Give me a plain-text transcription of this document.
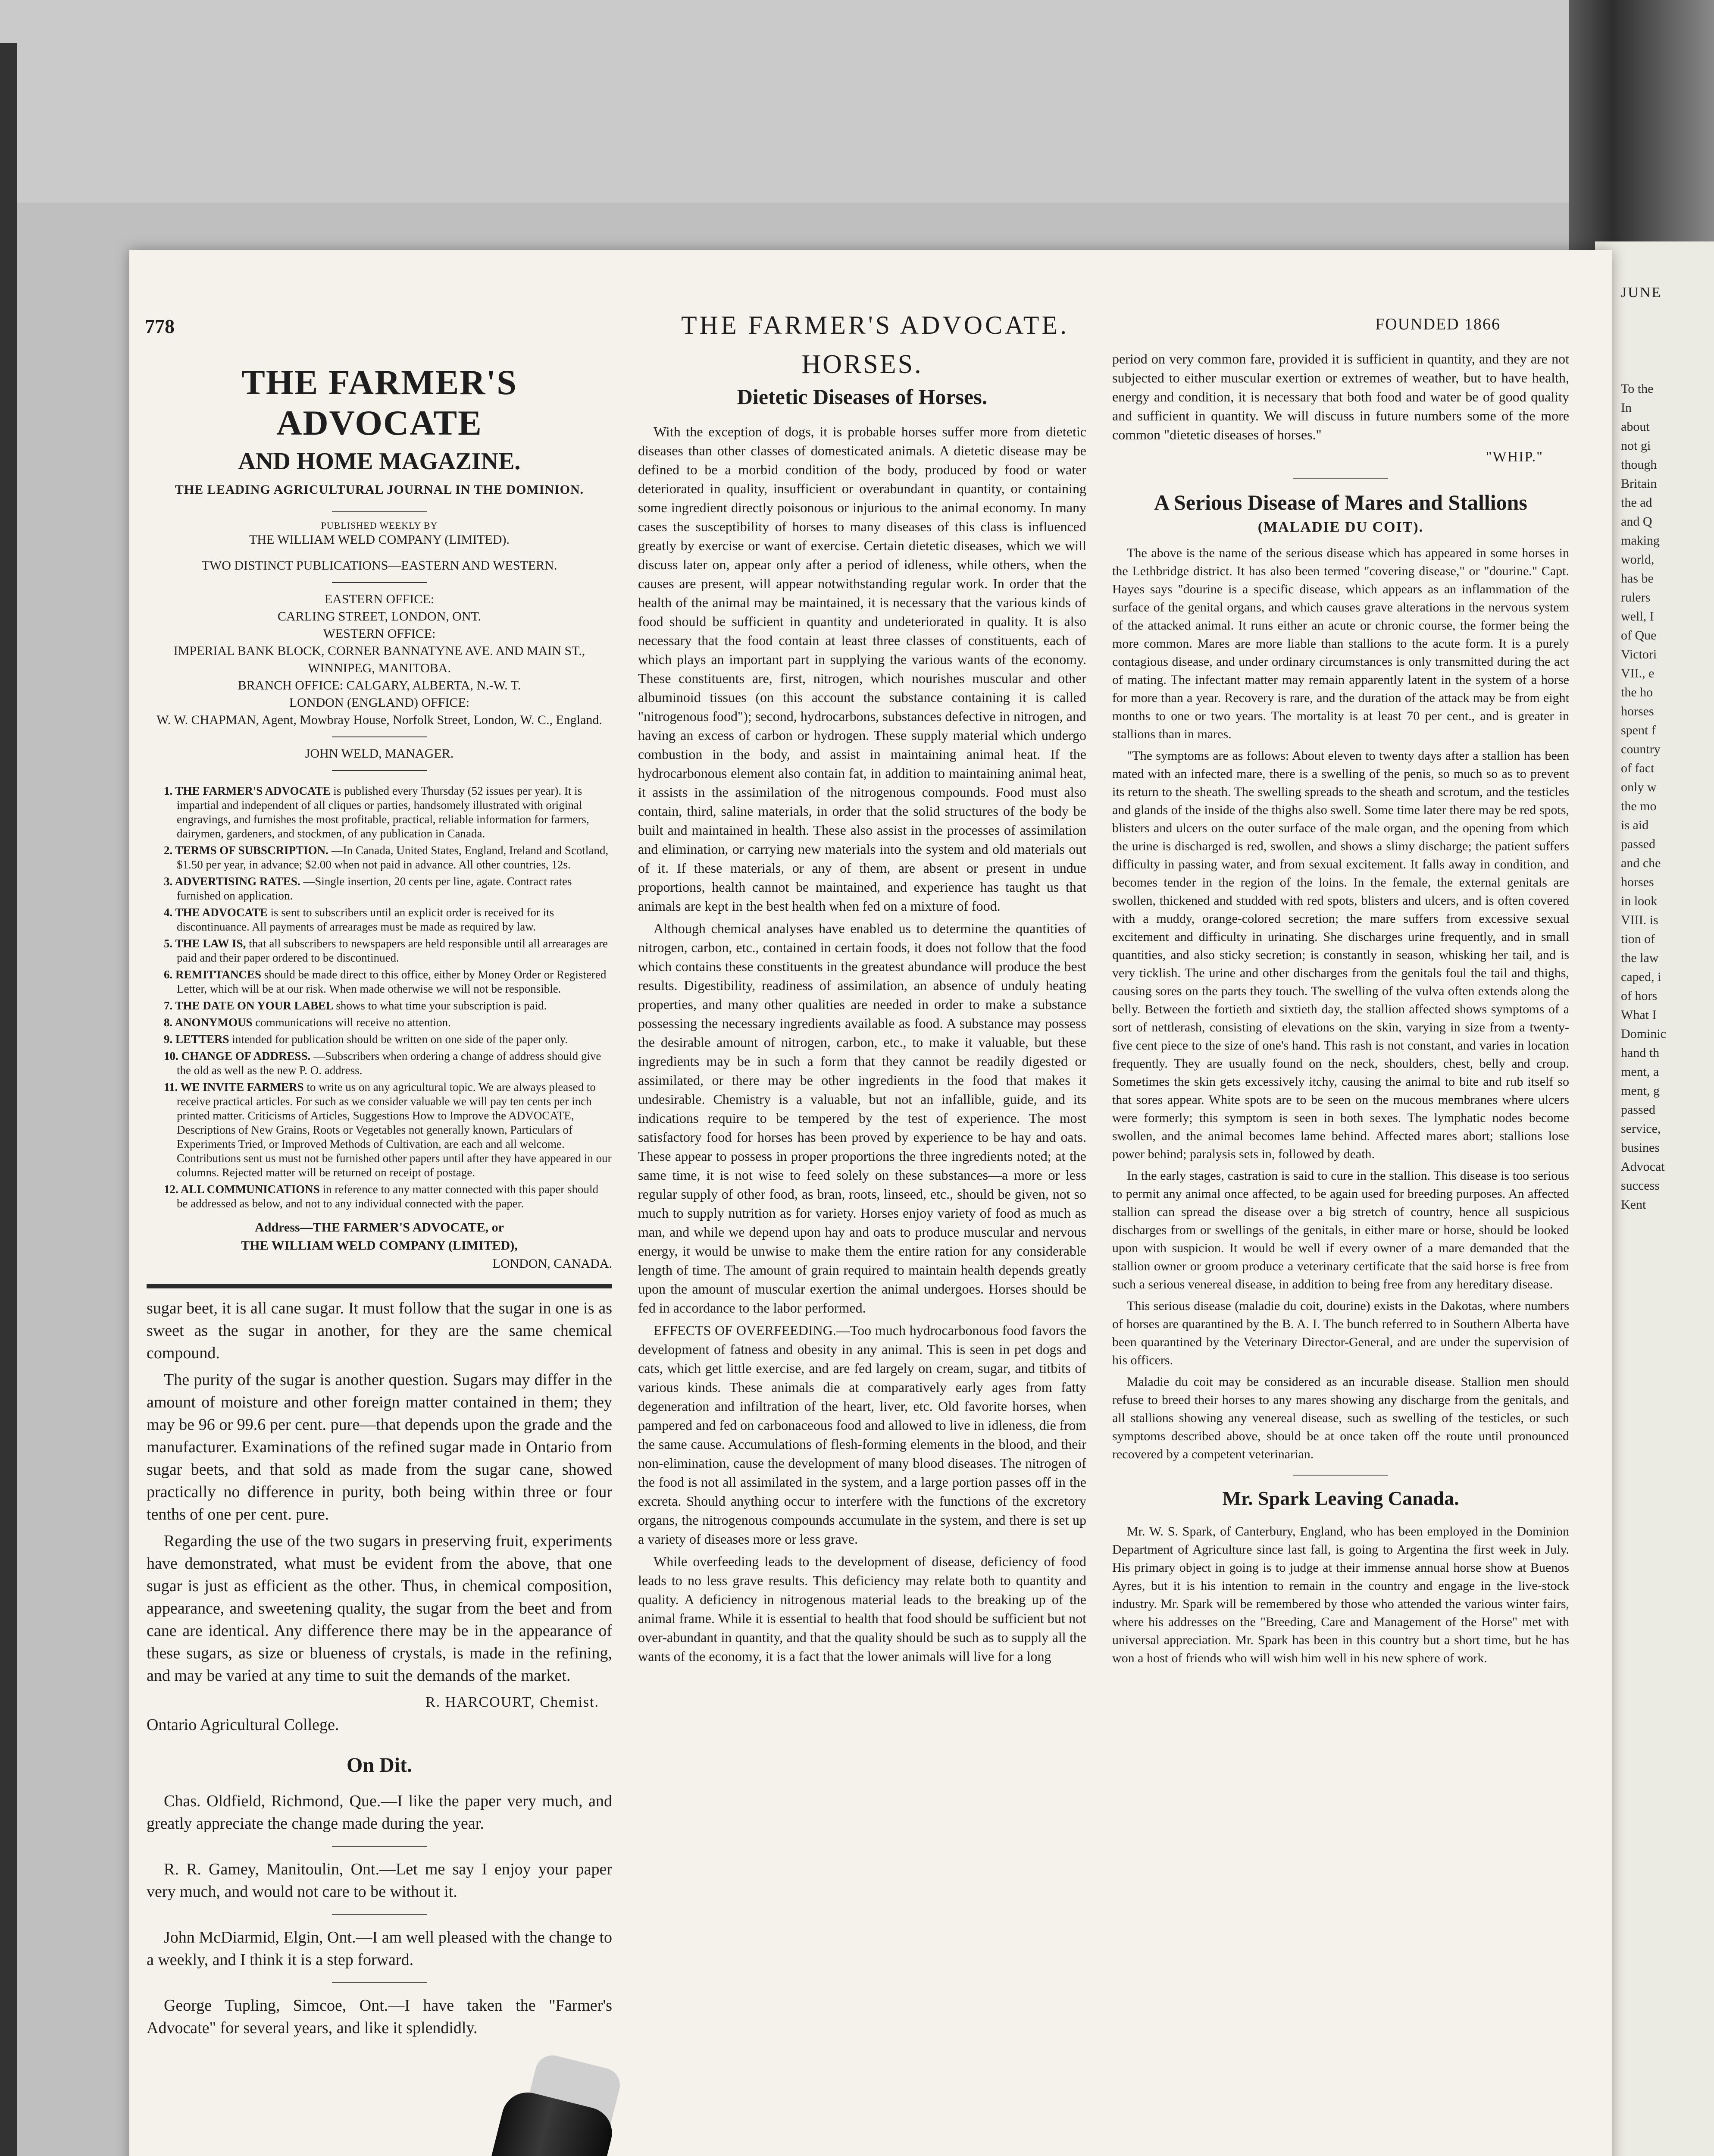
JUNE
To the
In
about
not gi
though
Britain
the ad
and Q
making
world,
has be
rulers
well, I
of Que
Victori
VII., e
the ho
horses
spent f
country
of fact
only w
the mo
is aid
passed
and che
horses
in look
VIII. is
tion of
the law
caped, i
of hors
What I
Dominic
hand th
ment, a
ment, g
passed
service,
busines
Advocat
success
Kent
778	THE FARMER'S ADVOCATE.	FOUNDED 1866
THE FARMER'S ADVOCATE
AND HOME MAGAZINE.
THE LEADING AGRICULTURAL JOURNAL IN THE DOMINION.

PUBLISHED WEEKLY BY

THE WILLIAM WELD COMPANY (LIMITED).

TWO DISTINCT PUBLICATIONS—EASTERN AND WESTERN.

EASTERN OFFICE:

CARLING STREET, LONDON, ONT.

WESTERN OFFICE:

IMPERIAL BANK BLOCK, CORNER BANNATYNE AVE. AND MAIN ST., WINNIPEG, MANITOBA.

BRANCH OFFICE: CALGARY, ALBERTA, N.-W. T.

LONDON (ENGLAND) OFFICE:

W. W. CHAPMAN, Agent, Mowbray House, Norfolk Street, London, W. C., England.

JOHN WELD, MANAGER.

1. THE FARMER'S ADVOCATE is published every Thursday (52 issues per year). It is impartial and independent of all cliques or parties, handsomely illustrated with original engravings, and furnishes the most profitable, practical, reliable information for farmers, dairymen, gardeners, and stockmen, of any publication in Canada.

2. TERMS OF SUBSCRIPTION. —In Canada, United States, England, Ireland and Scotland, $1.50 per year, in advance; $2.00 when not paid in advance. All other countries, 12s.

3. ADVERTISING RATES. —Single insertion, 20 cents per line, agate. Contract rates furnished on application.

4. THE ADVOCATE is sent to subscribers until an explicit order is received for its discontinuance. All payments of arrearages must be made as required by law.

5. THE LAW IS, that all subscribers to newspapers are held responsible until all arrearages are paid and their paper ordered to be discontinued.

6. REMITTANCES should be made direct to this office, either by Money Order or Registered Letter, which will be at our risk. When made otherwise we will not be responsible.

7. THE DATE ON YOUR LABEL shows to what time your subscription is paid.

8. ANONYMOUS communications will receive no attention.

9. LETTERS intended for publication should be written on one side of the paper only.

10. CHANGE OF ADDRESS. —Subscribers when ordering a change of address should give the old as well as the new P. O. address.

11. WE INVITE FARMERS to write us on any agricultural topic. We are always pleased to receive practical articles. For such as we consider valuable we will pay ten cents per inch printed matter. Criticisms of Articles, Suggestions How to Improve the ADVOCATE, Descriptions of New Grains, Roots or Vegetables not generally known, Particulars of Experiments Tried, or Improved Methods of Cultivation, are each and all welcome. Contributions sent us must not be furnished other papers until after they have appeared in our columns. Rejected matter will be returned on receipt of postage.

12. ALL COMMUNICATIONS in reference to any matter connected with this paper should be addressed as below, and not to any individual connected with the paper.

Address—THE FARMER'S ADVOCATE, or
THE WILLIAM WELD COMPANY (LIMITED),
LONDON, CANADA.

sugar beet, it is all cane sugar. It must follow that the sugar in one is as sweet as the sugar in another, for they are the same chemical compound.

The purity of the sugar is another question. Sugars may differ in the amount of moisture and other foreign matter contained in them; they may be 96 or 99.6 per cent. pure—that depends upon the grade and the manufacturer. Examinations of the refined sugar made in Ontario from sugar beets, and that sold as made from the sugar cane, showed practically no difference in purity, both being within three or four tenths of one per cent. pure.

Regarding the use of the two sugars in preserving fruit, experiments have demonstrated, what must be evident from the above, that one sugar is just as efficient as the other. Thus, in chemical composition, appearance, and sweetening quality, the sugar from the beet and from cane are identical. Any difference there may be in the appearance of these sugars, as size or blueness of crystals, is made in the refining, and may be varied at any time to suit the demands of the market.

R. HARCOURT, Chemist.
Ontario Agricultural College.
On Dit.

Chas. Oldfield, Richmond, Que.—I like the paper very much, and greatly appreciate the change made during the year.

R. R. Gamey, Manitoulin, Ont.—Let me say I enjoy your paper very much, and would not care to be without it.

John McDiarmid, Elgin, Ont.—I am well pleased with the change to a weekly, and I think it is a step forward.

George Tupling, Simcoe, Ont.—I have taken the "Farmer's Advocate" for several years, and like it splendidly.

HORSES.
Dietetic Diseases of Horses.

With the exception of dogs, it is probable horses suffer more from dietetic diseases than other classes of domesticated animals. A dietetic disease may be defined to be a morbid condition of the body, produced by food or water deteriorated in quality, insufficient or overabundant in quantity, or containing some ingredient directly poisonous or injurious to the animal economy. In many cases the susceptibility of horses to many diseases of this class is influenced greatly by exercise or want of exercise. Certain dietetic diseases, which we will discuss later on, appear only after a period of idleness, while others, when the causes are present, will appear notwithstanding regular work. In order that the health of the animal may be maintained, it is necessary that the various kinds of food should be sufficient in quantity and undeteriorated in quality. It is also necessary that the food contain at least three classes of constituents, each of which plays an important part in supplying the various wants of the economy. These constituents are, first, nitrogen, which nourishes muscular and other albuminoid tissues (on this account the substance containing it is called "nitrogenous food"); second, hydrocarbons, substances defective in nitrogen, and having an excess of carbon or hydrogen. These supply material which undergo combustion in the body, and assist in maintaining animal heat. If the hydrocarbonous element also contain fat, in addition to maintaining animal heat, it assists in the assimilation of the nitrogenous compounds. Food must also contain, third, saline materials, in order that the solid structures of the body be built and maintained in health. These also assist in the processes of assimilation and elimination, or carrying new materials into the system and old materials out of it. If these materials, or any of them, are absent or present in undue proportions, health cannot be maintained, and experience has taught us that animals are kept in the best health when fed on a mixture of food.

Although chemical analyses have enabled us to determine the quantities of nitrogen, carbon, etc., contained in certain foods, it does not follow that the food which contains these constituents in the greatest abundance will produce the best results. Digestibility, readiness of assimilation, an absence of unduly heating properties, and many other qualities are needed in order to make a substance possessing the necessary ingredients available as food. A substance may possess the desirable amount of nitrogen, carbon, etc., to make it valuable, but these ingredients may be in such a form that they cannot be readily digested or assimilated, or there may be other ingredients in the food that makes it undesirable. Chemistry is a valuable, but not an infallible, guide, and its indications require to be tempered by the test of experience. The most satisfactory food for horses has been proved by experience to be hay and oats. These appear to possess in proper proportions the three ingredients noted; at the same time, it is not wise to feed solely on these substances—a more or less regular supply of other food, as bran, roots, linseed, etc., should be given, not so much to supply nutrition as for variety. Horses enjoy variety of food as much as man, and while we depend upon hay and oats to produce muscular and nervous energy, it would be unwise to make them the entire ration for any considerable length of time. The amount of grain required to maintain health depends greatly upon the amount of muscular exertion the animal undergoes. Horses should be fed in accordance to the labor performed.

EFFECTS OF OVERFEEDING.—Too much hydrocarbonous food favors the development of fatness and obesity in any animal. This is seen in pet dogs and cats, which get little exercise, and are fed largely on cream, sugar, and titbits of various kinds. These animals die at comparatively early ages from fatty degeneration and infiltration of the heart, liver, etc. Old favorite horses, when pampered and fed on carbonaceous food and allowed to live in idleness, die from the same cause. Accumulations of flesh-forming elements in the blood, and their non-elimination, cause the development of many blood diseases. The nitrogen of the food is not all assimilated in the system, and a large portion passes off in the excreta. Should anything occur to interfere with the functions of the excretory organs, the nitrogenous compounds accumulate in the system, and there is set up a variety of diseases more or less grave.

While overfeeding leads to the development of disease, deficiency of food leads to no less grave results. This deficiency may relate both to quantity and quality. A deficiency in nitrogenous material leads to the breaking up of the animal frame. While it is essential to health that food should be sufficient but not over-abundant in quantity, and that the quality should be such as to supply all the wants of the economy, it is a fact that the lower animals will live for a long

period on very common fare, provided it is sufficient in quantity, and they are not subjected to either muscular exertion or extremes of weather, but to have health, energy and condition, it is necessary that both food and water be of good quality and sufficient in quantity. We will discuss in future numbers some of the more common "dietetic diseases of horses."

"WHIP."
A Serious Disease of Mares and Stallions
(MALADIE DU COIT).

The above is the name of the serious disease which has appeared in some horses in the Lethbridge district. It has also been termed "covering disease," or "dourine." Capt. Hayes says "dourine is a specific disease, which appears as an inflammation of the surface of the genital organs, and which causes grave alterations in the nervous system of the attacked animal. It runs either an acute or chronic course, the former being the more common. Mares are more liable than stallions to the acute form. It is a purely contagious disease, and under ordinary circumstances is only transmitted during the act of mating. The infectant matter may remain apparently latent in the system of a horse for more than a year. Recovery is rare, and the duration of the attack may be from eight months to one or two years. The mortality is at least 70 per cent., and is greater in stallions than in mares.

"The symptoms are as follows: About eleven to twenty days after a stallion has been mated with an infected mare, there is a swelling of the penis, so much so as to prevent its return to the sheath. The swelling spreads to the sheath and scrotum, and the testicles and glands of the inside of the thighs also swell. Some time later there may be red spots, blisters and ulcers on the outer surface of the male organ, and the opening from which the urine is discharged is red, swollen, and shows a slimy discharge; the patient suffers difficulty in passing water, and from sexual excitement. It falls away in condition, and becomes tender in the region of the loins. In the female, the external genitals are swollen, thickened and studded with red spots, blisters and ulcers, and is often covered with a muddy, orange-colored secretion; the mare suffers from excessive sexual excitement and difficulty in urinating. She discharges urine frequently, and in small quantities, and also sticky secretion; is constantly in season, whisking her tail, and is very ticklish. The urine and other discharges from the genitals foul the tail and thighs, causing sores on the parts they touch. The swelling of the vulva often extends along the belly. Between the fortieth and sixtieth day, the stallion affected shows symptoms of a sort of nettlerash, consisting of elevations on the skin, varying in size from a twenty-five cent piece to the size of one's hand. This rash is not constant, and varies in location frequently. They are usually found on the neck, shoulders, chest, belly and croup. Sometimes the skin gets excessively itchy, causing the animal to bite and rub itself so that sores appear. White spots are to be seen on the mucous membranes where ulcers were formerly; this symptom is seen in both sexes. The lymphatic nodes become swollen, and the animal becomes lame behind. Affected mares abort; stallions lose power behind; paralysis sets in, followed by death.

In the early stages, castration is said to cure in the stallion. This disease is too serious to permit any animal once affected, to be again used for breeding purposes. An affected stallion can spread the disease over a big stretch of country, hence all suspicious discharges from or swellings of the genitals, in either mare or horse, should be looked upon with suspicion. It would be well if every owner of a mare demanded that the stallion owner or groom produce a veterinary certificate that the said horse is free from such a serious venereal disease, in addition to being free from any hereditary disease.

This serious disease (maladie du coit, dourine) exists in the Dakotas, where numbers of horses are quarantined by the B. A. I. The bunch referred to in Southern Alberta have been quarantined by the Veterinary Director-General, and are under the supervision of his officers.

Maladie du coit may be considered as an incurable disease. Stallion men should refuse to breed their horses to any mares showing any discharge from the genitals, and all stallions showing any venereal disease, such as swelling of the testicles, or such symptoms described above, should be at once taken off the route until pronounced recovered by a competent veterinarian.

Mr. Spark Leaving Canada.

Mr. W. S. Spark, of Canterbury, England, who has been employed in the Dominion Department of Agriculture since last fall, is going to Argentina the first week in July. His primary object in going is to judge at their immense annual horse show at Buenos Ayres, but it is his intention to remain in the country and engage in the live-stock industry. Mr. Spark will be remembered by those who attended the various winter fairs, where his addresses on the "Breeding, Care and Management of the Horse" met with universal appreciation. Mr. Spark has been in this country but a short time, but he has won a host of friends who will wish him well in his new sphere of work.
